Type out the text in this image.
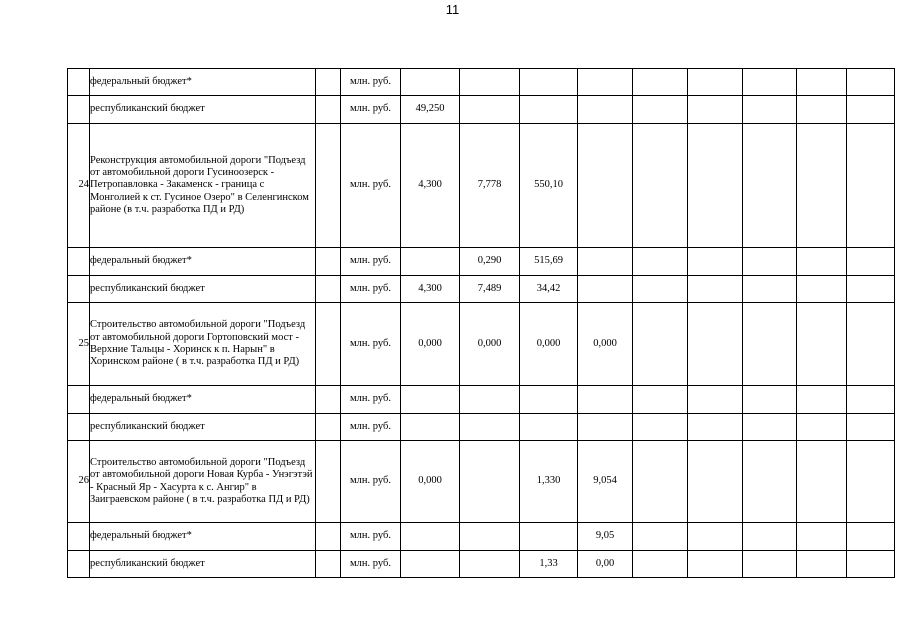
11
	федеральный бюджет*		млн. руб.									
	республиканский бюджет		млн. руб.	49,250								
24	Реконструкция автомобильной дороги "Подъезд от автомобильной дороги Гусиноозерск - Петропавловка - Закаменск - граница с Монголией к ст. Гусиное Озеро" в Селенгинском районе (в т.ч. разработка ПД и РД)		млн. руб.	4,300	7,778	550,10						
	федеральный бюджет*		млн. руб.		0,290	515,69						
	республиканский бюджет		млн. руб.	4,300	7,489	34,42						
25	Строительство автомобильной дороги "Подъезд от автомобильной дороги Гортоповский мост - Верхние Тальцы - Хоринск к п. Нарын" в Хоринском районе ( в т.ч. разработка ПД и РД)		млн. руб.	0,000	0,000	0,000	0,000					
	федеральный бюджет*		млн. руб.									
	республиканский бюджет		млн. руб.									
26	Строительство автомобильной дороги "Подъезд от автомобильной дороги Новая Курба - Унэгэтэй - Красный Яр - Хасурта к с. Ангир" в Заиграевском районе ( в т.ч. разработка ПД и РД)		млн. руб.	0,000		1,330	9,054					
	федеральный бюджет*		млн. руб.				9,05					
	республиканский бюджет		млн. руб.			1,33	0,00					
